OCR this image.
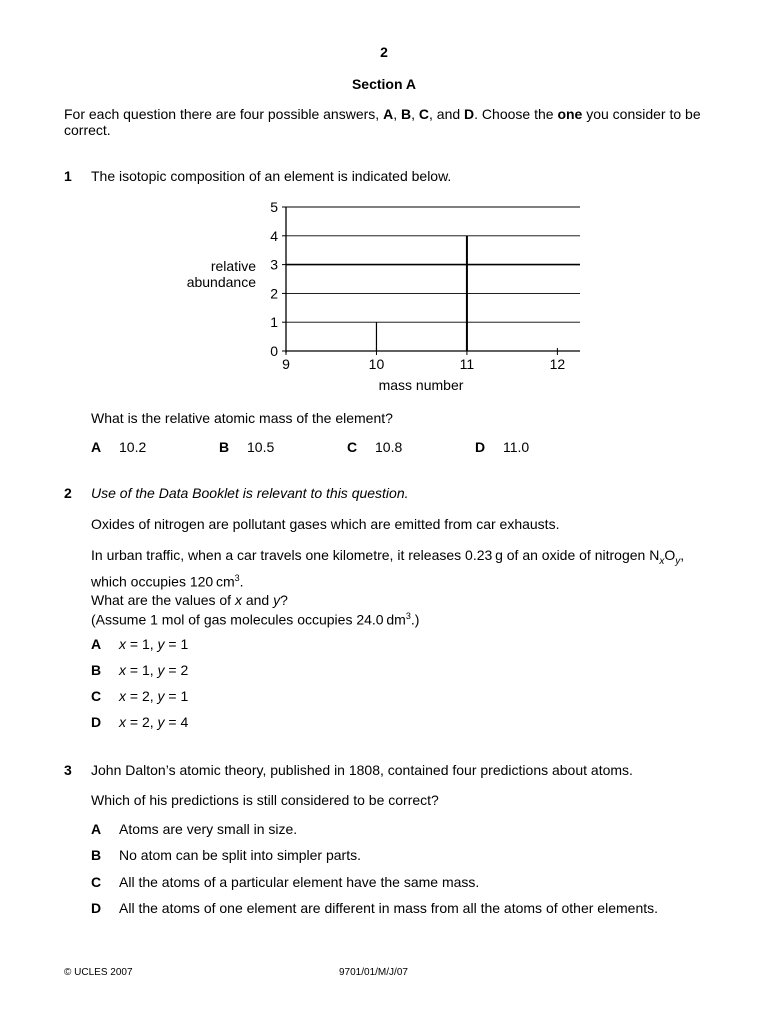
2
Section A
For each question there are four possible answers, A, B, C, and D. Choose the one you consider to be correct.
1 The isotopic composition of an element is indicated below.
0
1
2
3
4
5
9	10	11	12
relative
abundance
mass number
What is the relative atomic mass of the element?
A 10.2	B 10.5	C 10.8	D 11.0
2 Use of the Data Booklet is relevant to this question.
Oxides of nitrogen are pollutant gases which are emitted from car exhausts.
In urban traffic, when a car travels one kilometre, it releases 0.23 g of an oxide of nitrogen $N_xO_y$,
which occupies 120 $cm^3$.
What are the values of x and y?
(Assume 1 mol of gas molecules occupies 24.0 $dm^3$.)
A x = 1, y = 1
B x = 1, y = 2
C x = 2, y = 1
D x = 2, y = 4
3 John Dalton’s atomic theory, published in 1808, contained four predictions about atoms.
Which of his predictions is still considered to be correct?
A Atoms are very small in size.
B No atom can be split into simpler parts.
C All the atoms of a particular element have the same mass.
D All the atoms of one element are different in mass from all the atoms of other elements.
© UCLES 2007	9701/01/M/J/07
